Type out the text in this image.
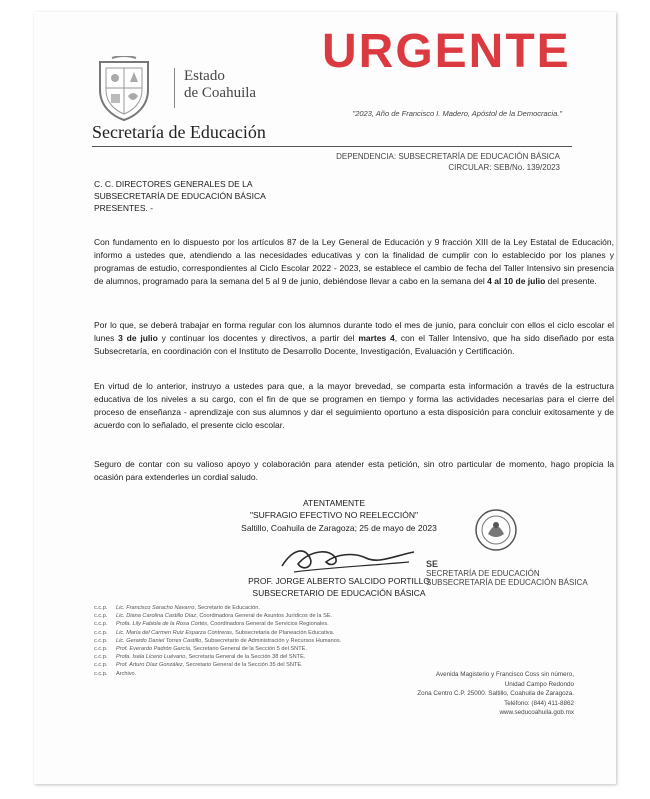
Estado
de Coahuila
Secretaría de Educación
URGENTE
"2023, Año de Francisco I. Madero, Apóstol de la Democracia."
DEPENDENCIA: SUBSECRETARÍA DE EDUCACIÓN BÁSICA
CIRCULAR: SEB/No. 139/2023
C. C. DIRECTORES GENERALES DE LA
SUBSECRETARÍA DE EDUCACIÓN BÁSICA
PRESENTES. -
Con fundamento en lo dispuesto por los artículos 87 de la Ley General de Educación y 9 fracción XIII de la Ley Estatal de Educación, informo a ustedes que, atendiendo a las necesidades educativas y con la finalidad de cumplir con lo establecido por los planes y programas de estudio, correspondientes al Ciclo Escolar 2022 - 2023, se establece el cambio de fecha del Taller Intensivo sin presencia de alumnos, programado para la semana del 5 al 9 de junio, debiéndose llevar a cabo en la semana del 4 al 10 de julio del presente.
Por lo que, se deberá trabajar en forma regular con los alumnos durante todo el mes de junio, para concluir con ellos el ciclo escolar el lunes 3 de julio y continuar los docentes y directivos, a partir del martes 4, con el Taller Intensivo, que ha sido diseñado por esta Subsecretaría, en coordinación con el Instituto de Desarrollo Docente, Investigación, Evaluación y Certificación.
En virtud de lo anterior, instruyo a ustedes para que, a la mayor brevedad, se comparta esta información a través de la estructura educativa de los niveles a su cargo, con el fin de que se programen en tiempo y forma las actividades necesarias para el cierre del proceso de enseñanza - aprendizaje con sus alumnos y dar el seguimiento oportuno a esta disposición para concluir exitosamente y de acuerdo con lo señalado, el presente ciclo escolar.
Seguro de contar con su valioso apoyo y colaboración para atender esta petición, sin otro particular de momento, hago propicia la ocasión para extenderles un cordial saludo.
ATENTAMENTE
"SUFRAGIO EFECTIVO NO REELECCIÓN"
Saltillo, Coahuila de Zaragoza; 25 de mayo de 2023
PROF. JORGE ALBERTO SALCIDO PORTILLO
SUBSECRETARIO DE EDUCACIÓN BÁSICA
SE
SECRETARÍA DE EDUCACIÓN
SUBSECRETARÍA DE EDUCACIÓN BÁSICA
c.c.p. Lic. Francisco Saracho Navarro, Secretario de Educación.
c.c.p. Lic. Diana Carolina Castillo Díaz, Coordinadora General de Asuntos Jurídicos de la SE.
c.c.p. Profa. Lily Fabiola de la Rosa Cortés, Coordinadora General de Servicios Regionales.
c.c.p. Lic. María del Carmen Ruiz Esparza Contreras, Subsecretaria de Planeación Educativa.
c.c.p. Lic. Gerardo Daniel Torres Castillo, Subsecretario de Administración y Recursos Humanos.
c.c.p. Prof. Everardo Padrón García, Secretario General de la Sección 5 del SNTE.
c.c.p. Profa. Isela Licerio Luévano, Secretaria General de la Sección 38 del SNTE.
c.c.p. Prof. Arturo Díaz González, Secretario General de la Sección 35 del SNTE.
c.c.p. Archivo.	Avenida Magisterio y Francisco Coss sin número,
Unidad Campo Redondo
Zona Centro C.P. 25000. Saltillo, Coahuila de Zaragoza.
Teléfono: (844) 411-8862
www.seducoahuila.gob.mx
